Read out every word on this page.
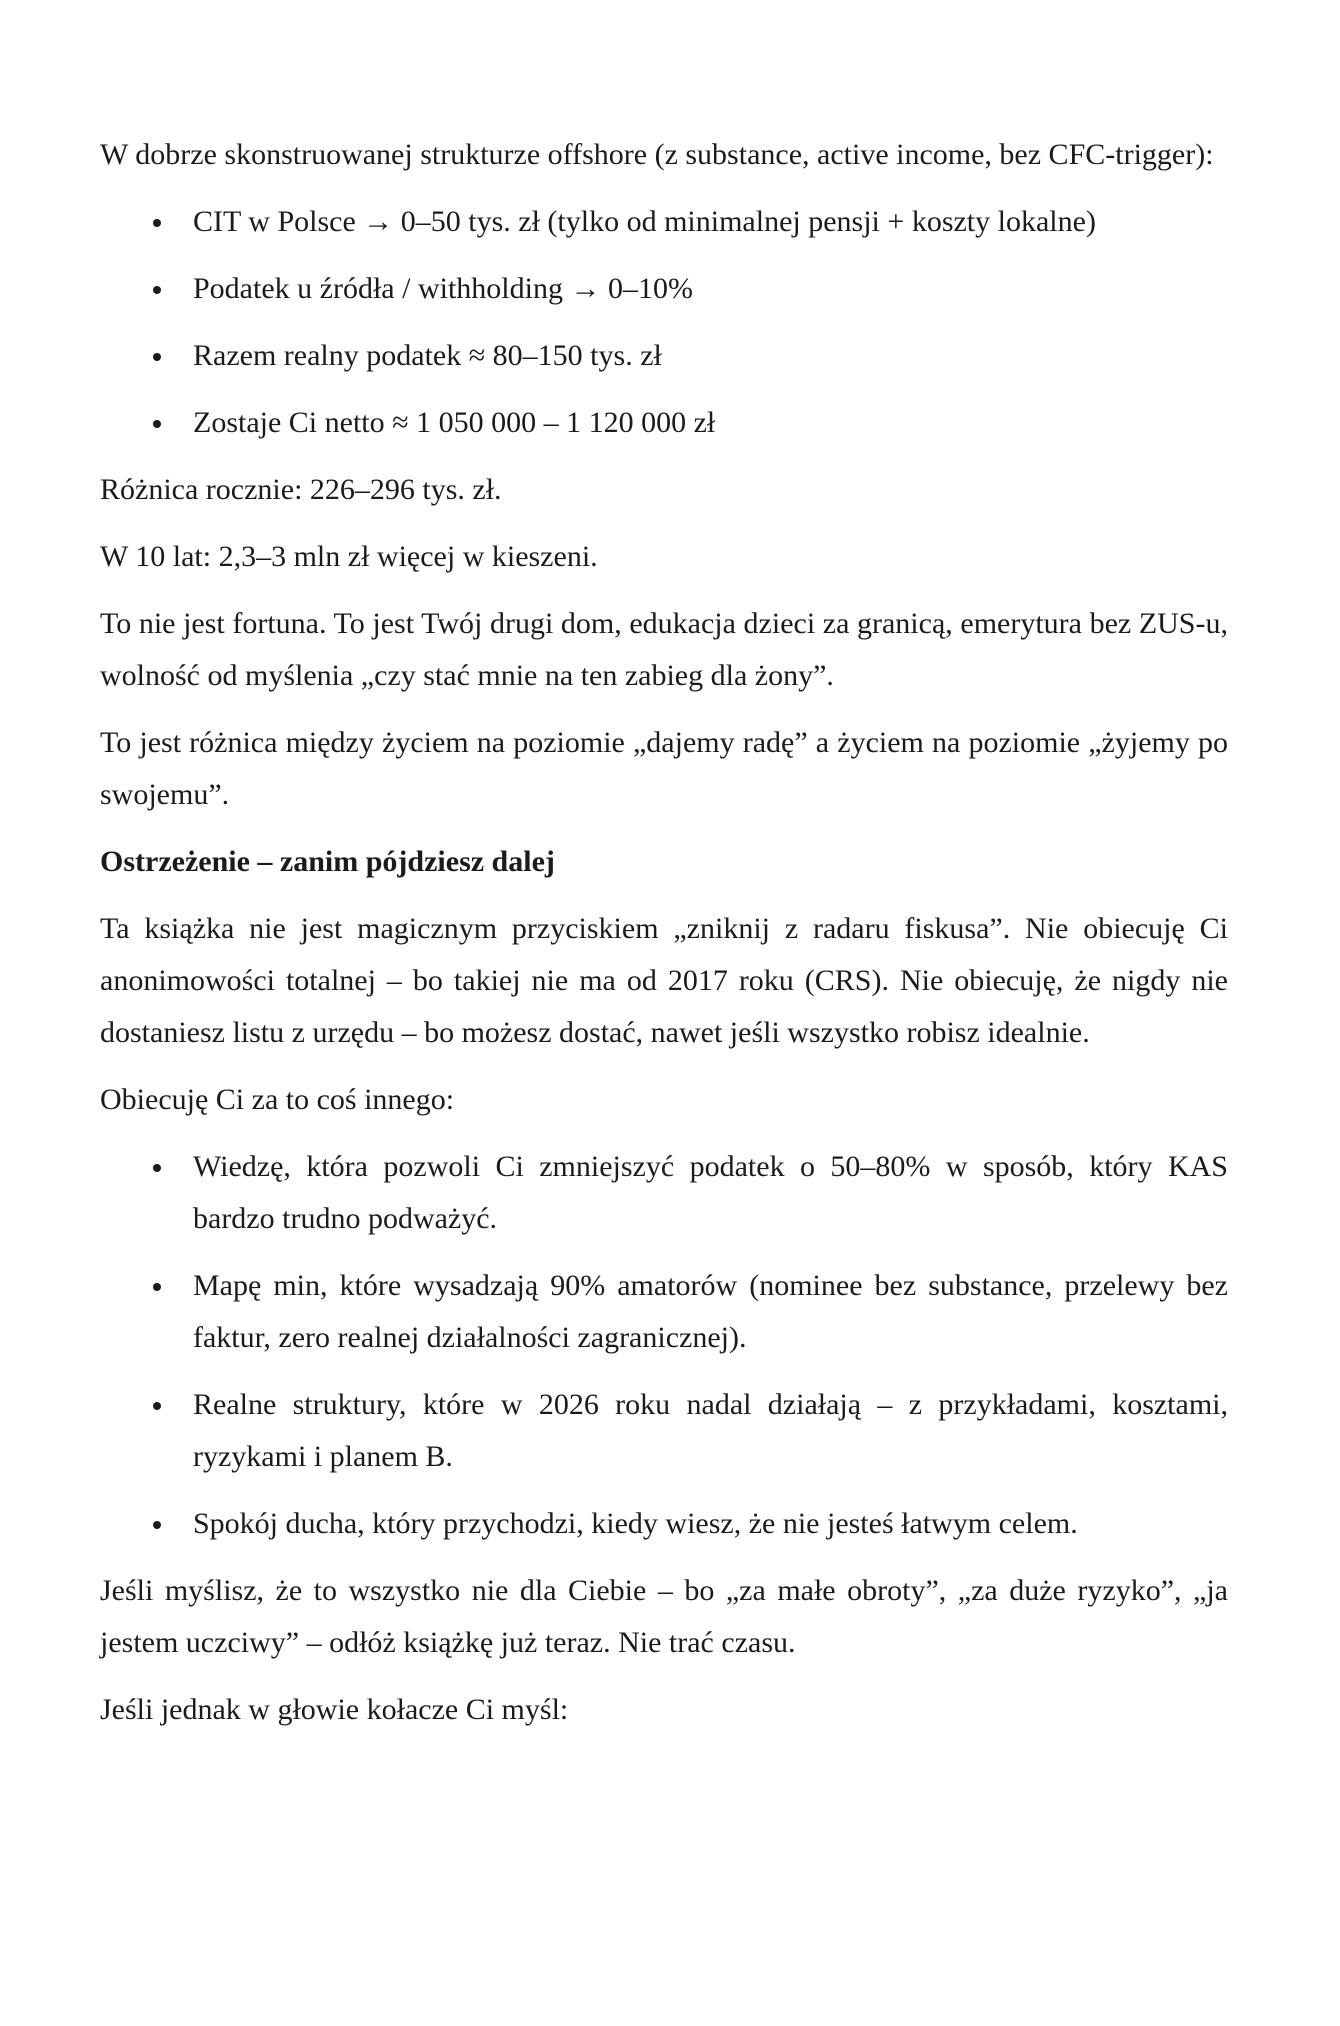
W dobrze skonstruowanej strukturze offshore (z substance, active income, bez CFC-trigger):

CIT w Polsce → 0–50 tys. zł (tylko od minimalnej pensji + koszty lokalne)
Podatek u źródła / withholding → 0–10%
Razem realny podatek ≈ 80–150 tys. zł
Zostaje Ci netto ≈ 1 050 000 – 1 120 000 zł

Różnica rocznie: 226–296 tys. zł.

W 10 lat: 2,3–3 mln zł więcej w kieszeni.

To nie jest fortuna. To jest Twój drugi dom, edukacja dzieci za granicą, emerytura bez ZUS-u, wolność od myślenia „czy stać mnie na ten zabieg dla żony”.

To jest różnica między życiem na poziomie „dajemy radę” a życiem na poziomie „żyjemy po swojemu”.

Ostrzeżenie – zanim pójdziesz dalej

Ta książka nie jest magicznym przyciskiem „zniknij z radaru fiskusa”. Nie obiecuję Ci anonimowości totalnej – bo takiej nie ma od 2017 roku (CRS). Nie obiecuję, że nigdy nie dostaniesz listu z urzędu – bo możesz dostać, nawet jeśli wszystko robisz idealnie.

Obiecuję Ci za to coś innego:

Wiedzę, która pozwoli Ci zmniejszyć podatek o 50–80% w sposób, który KAS bardzo trudno podważyć.
Mapę min, które wysadzają 90% amatorów (nominee bez substance, przelewy bez faktur, zero realnej działalności zagranicznej).
Realne struktury, które w 2026 roku nadal działają – z przykładami, kosztami, ryzykami i planem B.
Spokój ducha, który przychodzi, kiedy wiesz, że nie jesteś łatwym celem.

Jeśli myślisz, że to wszystko nie dla Ciebie – bo „za małe obroty”, „za duże ryzyko”, „ja jestem uczciwy” – odłóż książkę już teraz. Nie trać czasu.

Jeśli jednak w głowie kołacze Ci myśl:
